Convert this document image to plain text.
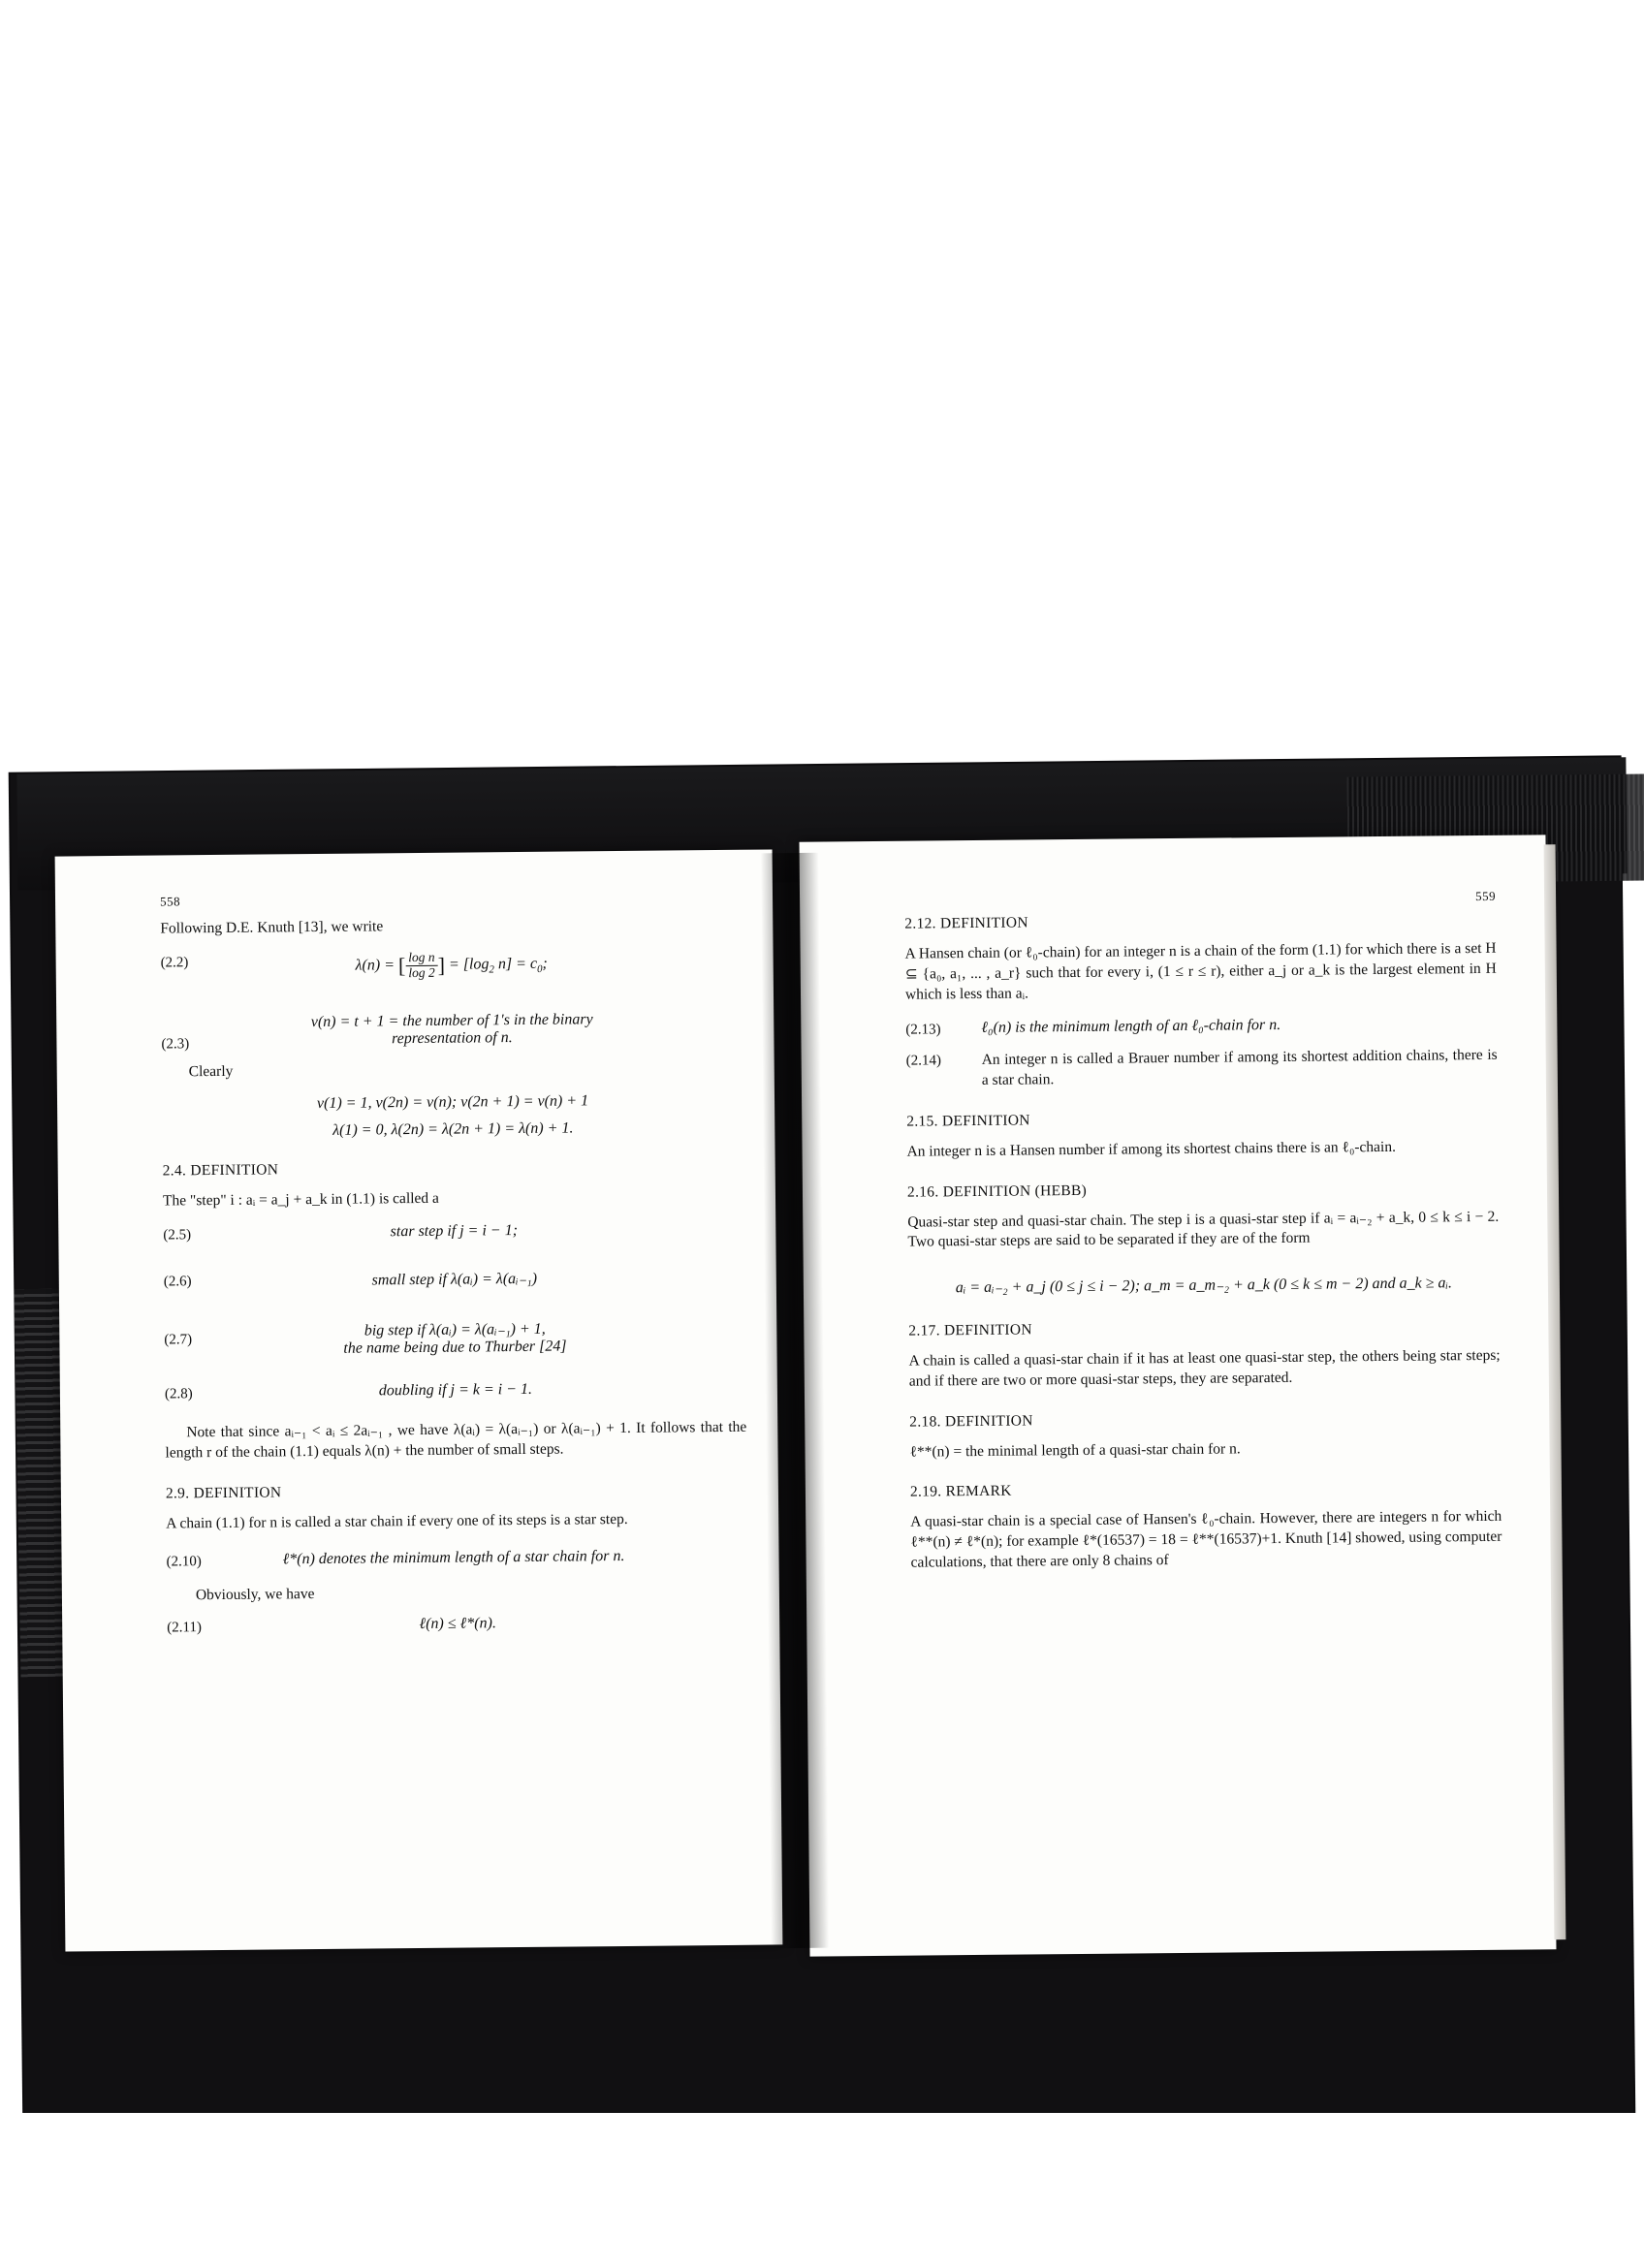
558

Following D.E. Knuth [13], we write

(2.2)	λ(n) = [ $\frac{\text{log n}}{\log 2}$ ] = [$\log_2$ $n] = c_0$;
(2.3)
ν(n) = t + 1 = the number of 1's in the binary
representation of n.
Clearly
ν(1) = 1, ν(2n) = ν(n); ν(2n + 1) = ν(n) + 1
λ(1) = 0, λ(2n) = λ(2n + 1) = λ(n) + 1.
2.4. DEFINITION

The "step" i : aᵢ = a_j + a_k in (1.1) is called a

(2.5)	star step if j = i − 1;
(2.6)	small step if λ(aᵢ) = λ(aᵢ₋₁)
(2.7)
big step if λ(aᵢ) = λ(aᵢ₋₁) + 1,
the name being due to Thurber [24]
(2.8)	doubling if j = k = i − 1.

Note that since aᵢ₋₁ < aᵢ ≤ 2aᵢ₋₁ , we have λ(aᵢ) = λ(aᵢ₋₁) or λ(aᵢ₋₁) + 1. It follows that the length r of the chain (1.1) equals λ(n) + the number of small steps.

2.9. DEFINITION

A chain (1.1) for n is called a star chain if every one of its steps is a star step.

(2.10)	ℓ*(n) denotes the minimum length of a star chain for n.
Obviously, we have
(2.11)	ℓ(n) ≤ ℓ*(n).
559
2.12. DEFINITION

A Hansen chain (or ℓ₀-chain) for an integer n is a chain of the form (1.1) for which there is a set H ⊆ {a₀, a₁, ... , a_r} such that for every i, (1 ≤ r ≤ r), either a_j or a_k is the largest element in H which is less than aᵢ.

(2.13)	ℓ₀(n) is the minimum length of an ℓ₀-chain for n.
(2.14)	An integer n is called a Brauer number if among its shortest addition chains, there is a star chain.
2.15. DEFINITION

An integer n is a Hansen number if among its shortest chains there is an ℓ₀-chain.

2.16. DEFINITION (HEBB)

Quasi-star step and quasi-star chain. The step i is a quasi-star step if aᵢ = aᵢ₋₂ + a_k, 0 ≤ k ≤ i − 2. Two quasi-star steps are said to be separated if they are of the form

aᵢ = aᵢ₋₂ + a_j (0 ≤ j ≤ i − 2); a_m = a_m₋₂ + a_k (0 ≤ k ≤ m − 2) and a_k ≥ aᵢ.
2.17. DEFINITION

A chain is called a quasi-star chain if it has at least one quasi-star step, the others being star steps; and if there are two or more quasi-star steps, they are separated.

2.18. DEFINITION

ℓ**(n) = the minimal length of a quasi-star chain for n.

2.19. REMARK

A quasi-star chain is a special case of Hansen's ℓ₀-chain. However, there are integers n for which ℓ**(n) ≠ ℓ*(n); for example ℓ*(16537) = 18 = ℓ**(16537)+1. Knuth [14] showed, using computer calculations, that there are only 8 chains of
